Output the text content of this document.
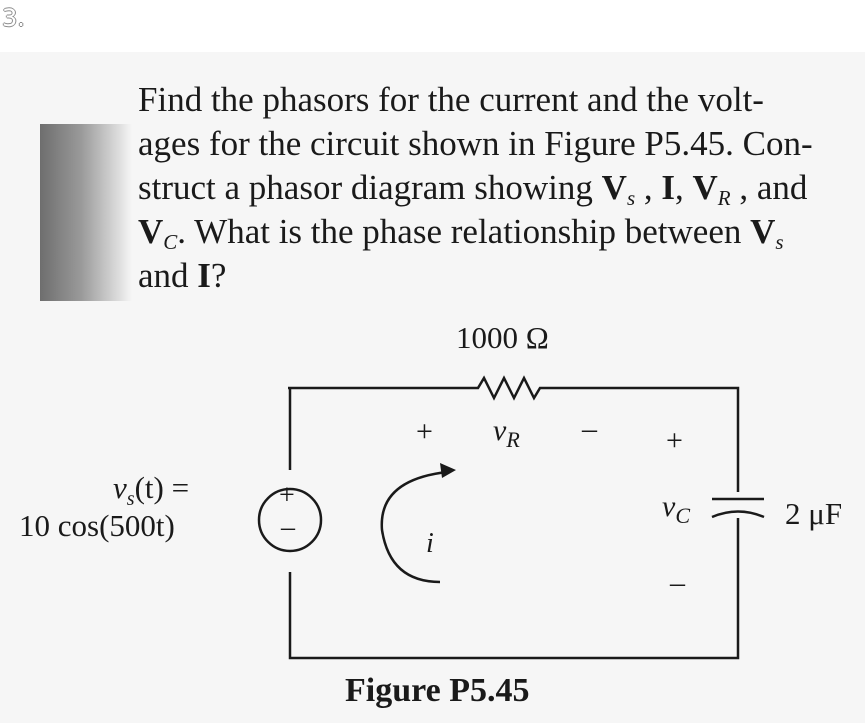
3.
Find the phasors for the current and the volt-
ages for the circuit shown in Figure P5.45. Con-
struct a phasor diagram showing $V_s$ , I, $V_R$ , and
$V_C$. What is the phase relationship between $V_s$
and I?
1000 Ω
+ $v_R$ – +
$v_C$
–
2 μF
$v_s(t)$ =
10 cos(500t)
+
–
i
Figure P5.45
